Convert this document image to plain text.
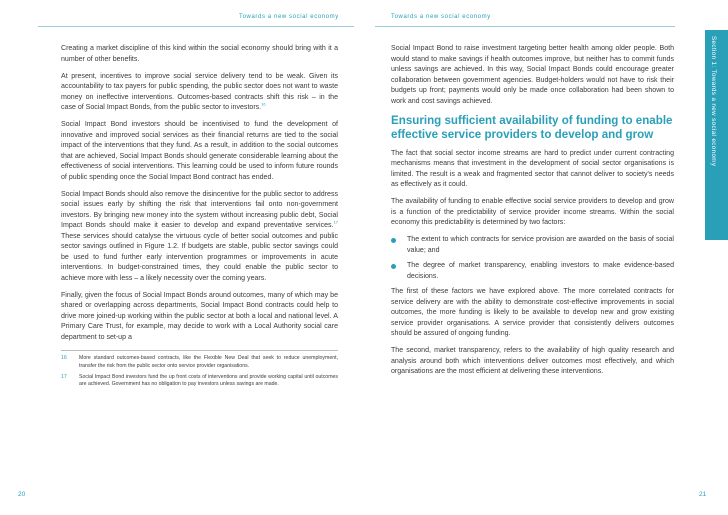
Towards a new social economy	Towards a new social economy

Creating a market discipline of this kind within the social economy should bring with it a number of other benefits.

At present, incentives to improve social service delivery tend to be weak. Given its accountability to tax payers for public spending, the public sector does not want to waste money on ineffective interventions. Outcomes-based contracts shift this risk – in the case of Social Impact Bonds, from the public sector to investors.$^{16}$

Social Impact Bond investors should be incentivised to fund the development of innovative and improved social services as their financial returns are tied to the social impact of the interventions that they fund. As a result, in addition to the social outcomes that are achieved, Social Impact Bonds should generate considerable learning about the effectiveness of social interventions. This learning could be used to inform future rounds of public spending once the Social Impact Bond contract has ended.

Social Impact Bonds should also remove the disincentive for the public sector to address social issues early by shifting the risk that interventions fail onto non-government investors. By bringing new money into the system without increasing public debt, Social Impact Bonds should make it easier to develop and expand preventative services.$^{17}$ These services should catalyse the virtuous cycle of better social outcomes and public sector savings outlined in Figure 1.2. If budgets are stable, public sector savings could be used to fund further early intervention programmes or improvements in acute interventions. In budget-constrained times, they could enable the public sector to achieve more with less – a likely necessity over the coming years.

Finally, given the focus of Social Impact Bonds around outcomes, many of which may be shared or overlapping across departments, Social Impact Bond contracts could help to drive more joined-up working within the public sector at both a local and national level. A Primary Care Trust, for example, may decide to work with a Local Authority social care department to set-up a

16 More standard outcomes-based contracts, like the Flexible New Deal that seek to reduce unemployment, transfer the risk from the public sector onto service provider organisations.
17 Social Impact Bond investors fund the up front costs of interventions and provide working capital until outcomes are achieved. Government has no obligation to pay investors unless savings are made.

Social Impact Bond to raise investment targeting better health among older people. Both would stand to make savings if health outcomes improve, but neither has to commit funds unless savings are achieved. In this way, Social Impact Bonds could encourage greater collaboration between government agencies. Budget-holders would not have to risk their budgets up front; payments would only be made once collaboration had been shown to work and cost savings achieved.

Ensuring sufficient availability of funding to enable effective service providers to develop and grow

The fact that social sector income streams are hard to predict under current contracting mechanisms means that investment in the development of social sector organisations is limited. The result is a weak and fragmented sector that cannot deliver to society's needs as effectively as it could.

The availability of funding to enable effective social service providers to develop and grow is a function of the predictability of service provider income streams. Within the social economy this predictability is determined by two factors:

The extent to which contracts for service provision are awarded on the basis of social value; and
The degree of market transparency, enabling investors to make evidence-based decisions.

The first of these factors we have explored above. The more correlated contracts for service delivery are with the ability to demonstrate cost-effective improvements in social outcomes, the more funding is likely to be available to develop new and grow existing service provider organisations. A service provider that consistently delivers outcomes should be assured of ongoing funding.

The second, market transparency, refers to the availability of high quality research and analysis around both which interventions deliver outcomes most effectively, and which organisations are the most efficient at delivering these interventions.

Section 1: Towards a new social economy
20	21
